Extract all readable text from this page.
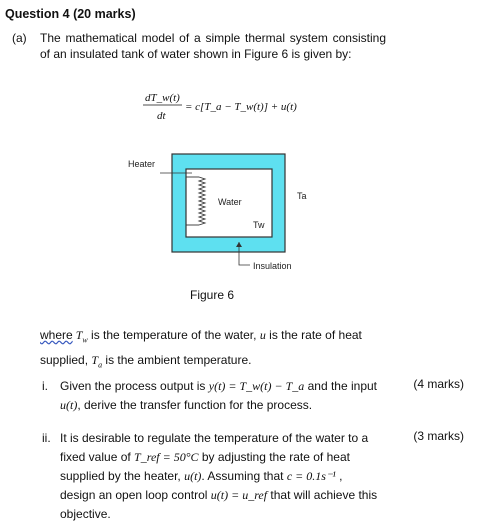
Question 4 (20 marks)
(a) The mathematical model of a simple thermal system consisting of an insulated tank of water shown in Figure 6 is given by:
dT_w(t)
dt
= c[T_a − T_w(t)] + u(t)
Heater
Water
Tw
Ta
Insulation
Figure 6
where $T_w$ is the temperature of the water, u is the rate of heat
supplied, $T_a$ is the ambient temperature.
i. Given the process output is y(t) = T_w(t) − T_a and the input
u(t), derive the transfer function for the process.
(4 marks)
ii. It is desirable to regulate the temperature of the water to a
fixed value of T_ref = 50°C by adjusting the rate of heat
supplied by the heater, u(t). Assuming that c = 0.1s⁻¹ ,
design an open loop control u(t) = u_ref that will achieve this
objective.
(3 marks)
